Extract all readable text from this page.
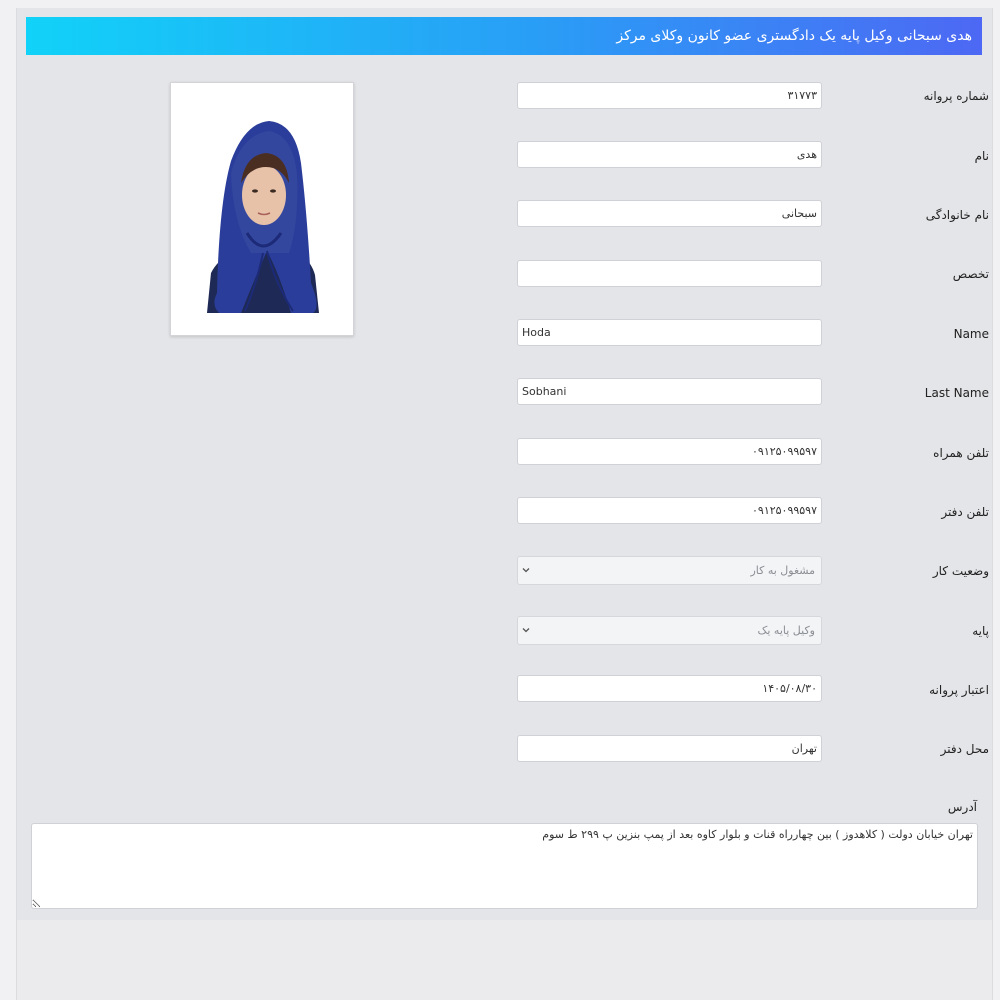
هدی سبحانی وکیل پایه یک دادگستری عضو کانون وکلای مرکز
شماره پروانه
۳۱۷۷۳
نام
هدی
نام خانوادگی
سبحانی
تخصص
Name
Hoda
Last Name
Sobhani
تلفن همراه
۰۹۱۲۵۰۹۹۵۹۷
تلفن دفتر
۰۹۱۲۵۰۹۹۵۹۷
وضعیت کار
مشغول به کار
پایه
وکیل پایه یک
اعتبار پروانه
۱۴۰۵/۰۸/۳۰
محل دفتر
تهران
آدرس
تهران خیابان دولت ( کلاهدوز ) بین چهارراه قنات و بلوار کاوه بعد از پمپ بنزین پ ۲۹۹ ط سوم
